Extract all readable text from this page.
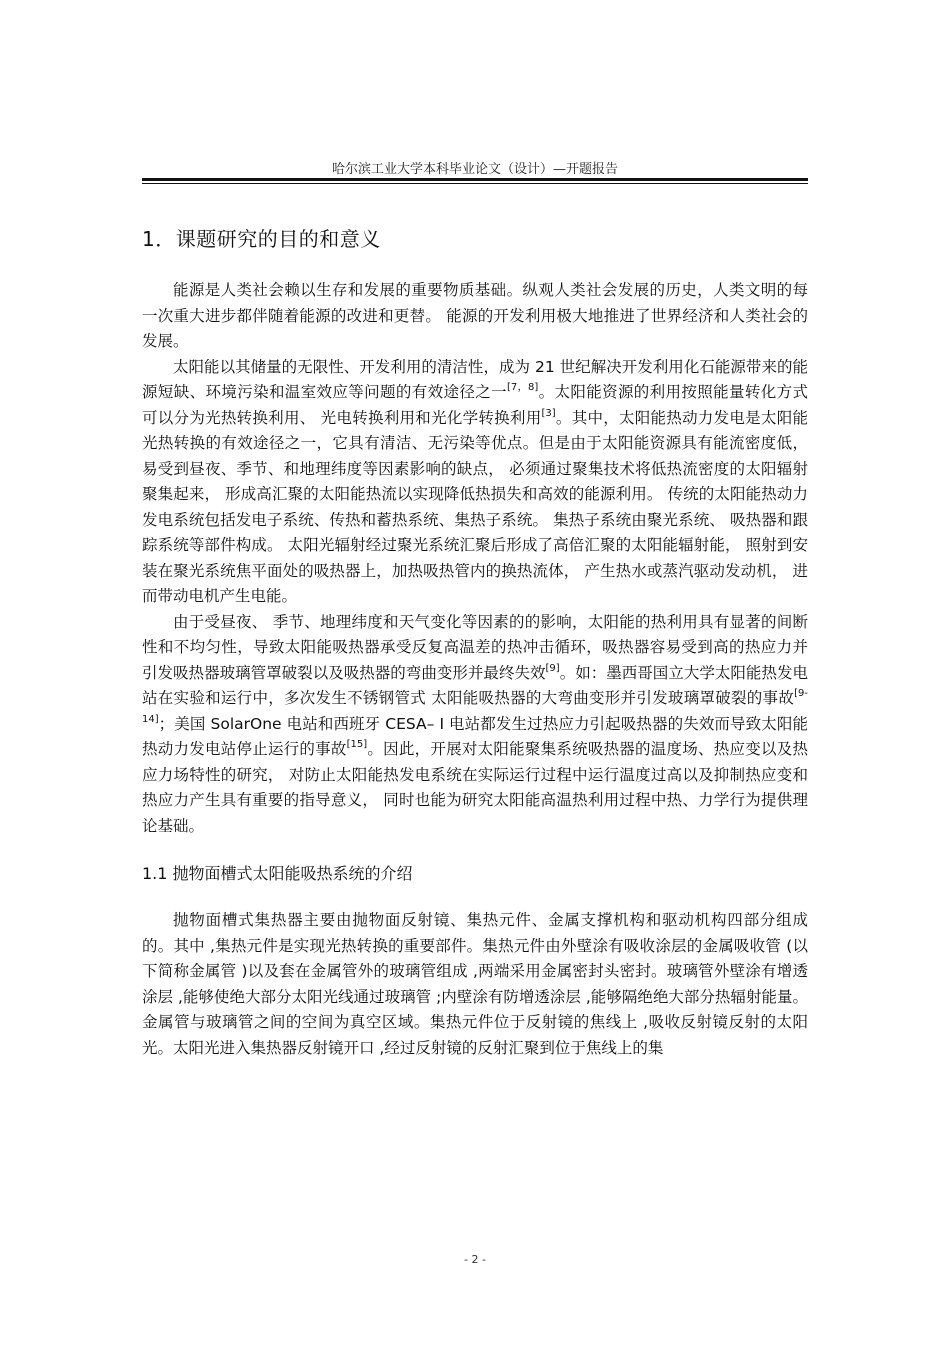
哈尔滨工业大学本科毕业论文（设计）—开题报告
1．课题研究的目的和意义

能源是人类社会赖以生存和发展的重要物质基础。纵观人类社会发展的历史，人类文明的每一次重大进步都伴随着能源的改进和更替。 能源的开发利用极大地推进了世界经济和人类社会的发展。

太阳能以其储量的无限性、开发利用的清洁性，成为 21 世纪解决开发利用化石能源带来的能源短缺、环境污染和温室效应等问题的有效途径之一[7，8]。太阳能资源的利用按照能量转化方式可以分为光热转换利用、 光电转换利用和光化学转换利用[3]。其中，太阳能热动力发电是太阳能光热转换的有效途径之一，它具有清洁、无污染等优点。但是由于太阳能资源具有能流密度低，易受到昼夜、季节、和地理纬度等因素影响的缺点， 必须通过聚集技术将低热流密度的太阳辐射聚集起来， 形成高汇聚的太阳能热流以实现降低热损失和高效的能源利用。 传统的太阳能热动力发电系统包括发电子系统、传热和蓄热系统、集热子系统。 集热子系统由聚光系统、 吸热器和跟踪系统等部件构成。 太阳光辐射经过聚光系统汇聚后形成了高倍汇聚的太阳能辐射能， 照射到安装在聚光系统焦平面处的吸热器上，加热吸热管内的换热流体， 产生热水或蒸汽驱动发动机， 进而带动电机产生电能。

由于受昼夜、 季节、地理纬度和天气变化等因素的的影响，太阳能的热利用具有显著的间断性和不均匀性，导致太阳能吸热器承受反复高温差的热冲击循环，吸热器容易受到高的热应力并引发吸热器玻璃管罩破裂以及吸热器的弯曲变形并最终失效[9]。如：墨西哥国立大学太阳能热发电站在实验和运行中，多次发生不锈钢管式 太阳能吸热器的大弯曲变形并引发玻璃罩破裂的事故[9-14]；美国 SolarOne 电站和西班牙 CESA– I 电站都发生过热应力引起吸热器的失效而导致太阳能热动力发电站停止运行的事故[15]。因此，开展对太阳能聚集系统吸热器的温度场、热应变以及热应力场特性的研究， 对防止太阳能热发电系统在实际运行过程中运行温度过高以及抑制热应变和热应力产生具有重要的指导意义， 同时也能为研究太阳能高温热利用过程中热、力学行为提供理论基础。

1.1 抛物面槽式太阳能吸热系统的介绍

抛物面槽式集热器主要由抛物面反射镜、集热元件、金属支撑机构和驱动机构四部分组成的。其中 ,集热元件是实现光热转换的重要部件。集热元件由外壁涂有吸收涂层的金属吸收管 (以下简称金属管 )以及套在金属管外的玻璃管组成 ,两端采用金属密封头密封。玻璃管外壁涂有增透涂层 ,能够使绝大部分太阳光线通过玻璃管 ;内壁涂有防增透涂层 ,能够隔绝绝大部分热辐射能量。金属管与玻璃管之间的空间为真空区域。集热元件位于反射镜的焦线上 ,吸收反射镜反射的太阳光。太阳光进入集热器反射镜开口 ,经过反射镜的反射汇聚到位于焦线上的集

- 2 -
